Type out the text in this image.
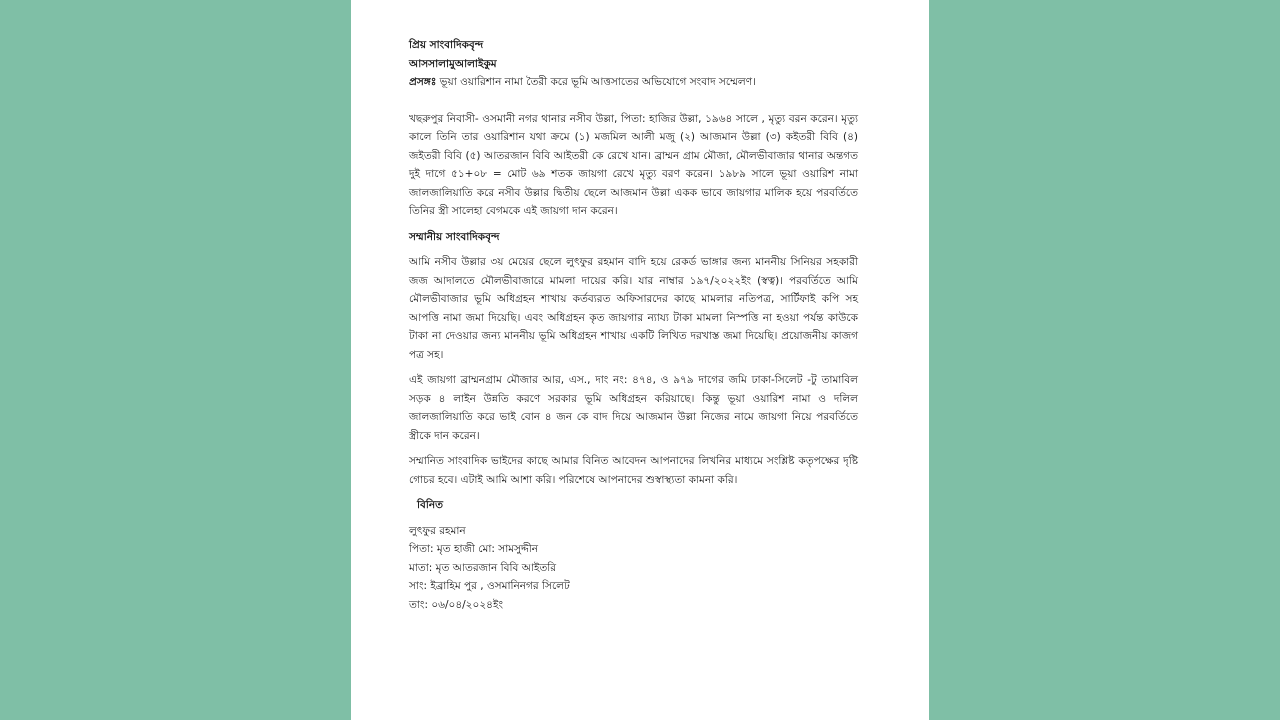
প্রিয় সাংবাদিকবৃন্দ
আসসালামুআলাইকুম
প্রসঙ্গঃ ভূয়া ওয়ারিশান নামা তৈরী করে ভূমি আত্তসাতের অভিযোগে সংবাদ সম্মেলণ।

খছরুপুর নিবাসী- ওসমানী নগর থানার নসীব উল্লা, পিতা: হাজির উল্লা, ১৯৬৪ সালে , মৃত্যু বরন করেন। মৃত্যু কালে তিনি তার ওয়ারিশান যথা ক্রমে (১) মজমিল আলী মজু (২) আজমান উল্লা (৩) কইতরী বিবি (৪) জইতরী বিবি (৫) আতরজান বিবি আইতরী কে রেখে যান। ব্রাম্মন গ্রাম মৌজা, মৌলভীবাজার থানার অন্তগত দুই দাগে ৫১+০৮ = মোট ৬৯ শতক জায়গা রেখে মৃত্যু বরণ করেন। ১৯৮৯ সালে ভূয়া ওয়ারিশ নামা জালজালিয়াতি করে নসীব উল্লার দ্বিতীয় ছেলে আজমান উল্লা একক ভাবে জায়গার মালিক হয়ে পরবর্তিতে তিনির স্ত্রী সালেহা বেগমকে এই জায়গা দান করেন।

সম্মানীয় সাংবাদিকবৃন্দ

আমি নসীব উল্লার ৩য় মেয়ের ছেলে লুৎফুর রহমান বাদি হয়ে রেকর্ড ভাঙ্গার জন্য মাননীয় সিনিয়র সহকারী জজ আদালতে মৌলভীবাজারে মামলা দায়ের করি। যার নাম্বার ১৯৭/২০২২ইং (স্বত্ব)। পরবর্তিতে আমি মৌলভীবাজার ভূমি অধিগ্রহন শাখায় কর্তব্যরত অফিসারদের কাছে মামলার নতিপত্র, সার্টিফাই কপি সহ আপত্তি নামা জমা দিয়েছি। এবং অধিগ্রহন কৃত জায়গার ন্যায্য টাকা মামলা নিস্পত্তি না হওয়া পর্যন্ত কাউকে টাকা না দেওয়ার জন্য মাননীয় ভূমি অধিগ্রহন শাখায় একটি লিখিত দরখাস্ত জমা দিয়েছি। প্রয়োজনীয় কাজগ পত্র সহ।

এই জায়গা ব্রাম্মনগ্রাম মৌজার আর, এস., দাং নং: ৪৭৪, ও ৯৭৯ দাগের জমি ঢাকা-সিলেট -টু তামাবিল সড়ক ৪ লাইন উন্নতি করণে সরকার ভূমি অধিগ্রহন করিয়াছে। কিন্তু ভূয়া ওয়ারিশ নামা ও দলিল জালজালিয়াতি করে ভাই বোন ৪ জন কে বাদ দিয়ে আজমান উল্লা নিজের নামে জায়গা নিয়ে পরবর্তিতে স্ত্রীকে দান করেন।

সম্মানিত সাংবাদিক ভাইদের কাছে আমার বিনিত আবেদন আপনাদের লিখনির মাধ্যমে সংশ্লিষ্ট কতৃপক্ষের দৃষ্টি গোচর হবে। এটাই আমি আশা করি। পরিশেষে আপনাদের শুস্বাস্থ্যতা কামনা করি।

বিনিত

লুৎফুর রহমান
পিতা: মৃত হাজী মো: সামসুদ্দীন
মাতা: মৃত আতরজান বিবি আইতরি
সাং: ইব্রাহিম পুর , ওসমানিনগর সিলেট
তাং: ০৬/০৪/২০২৪ইং
